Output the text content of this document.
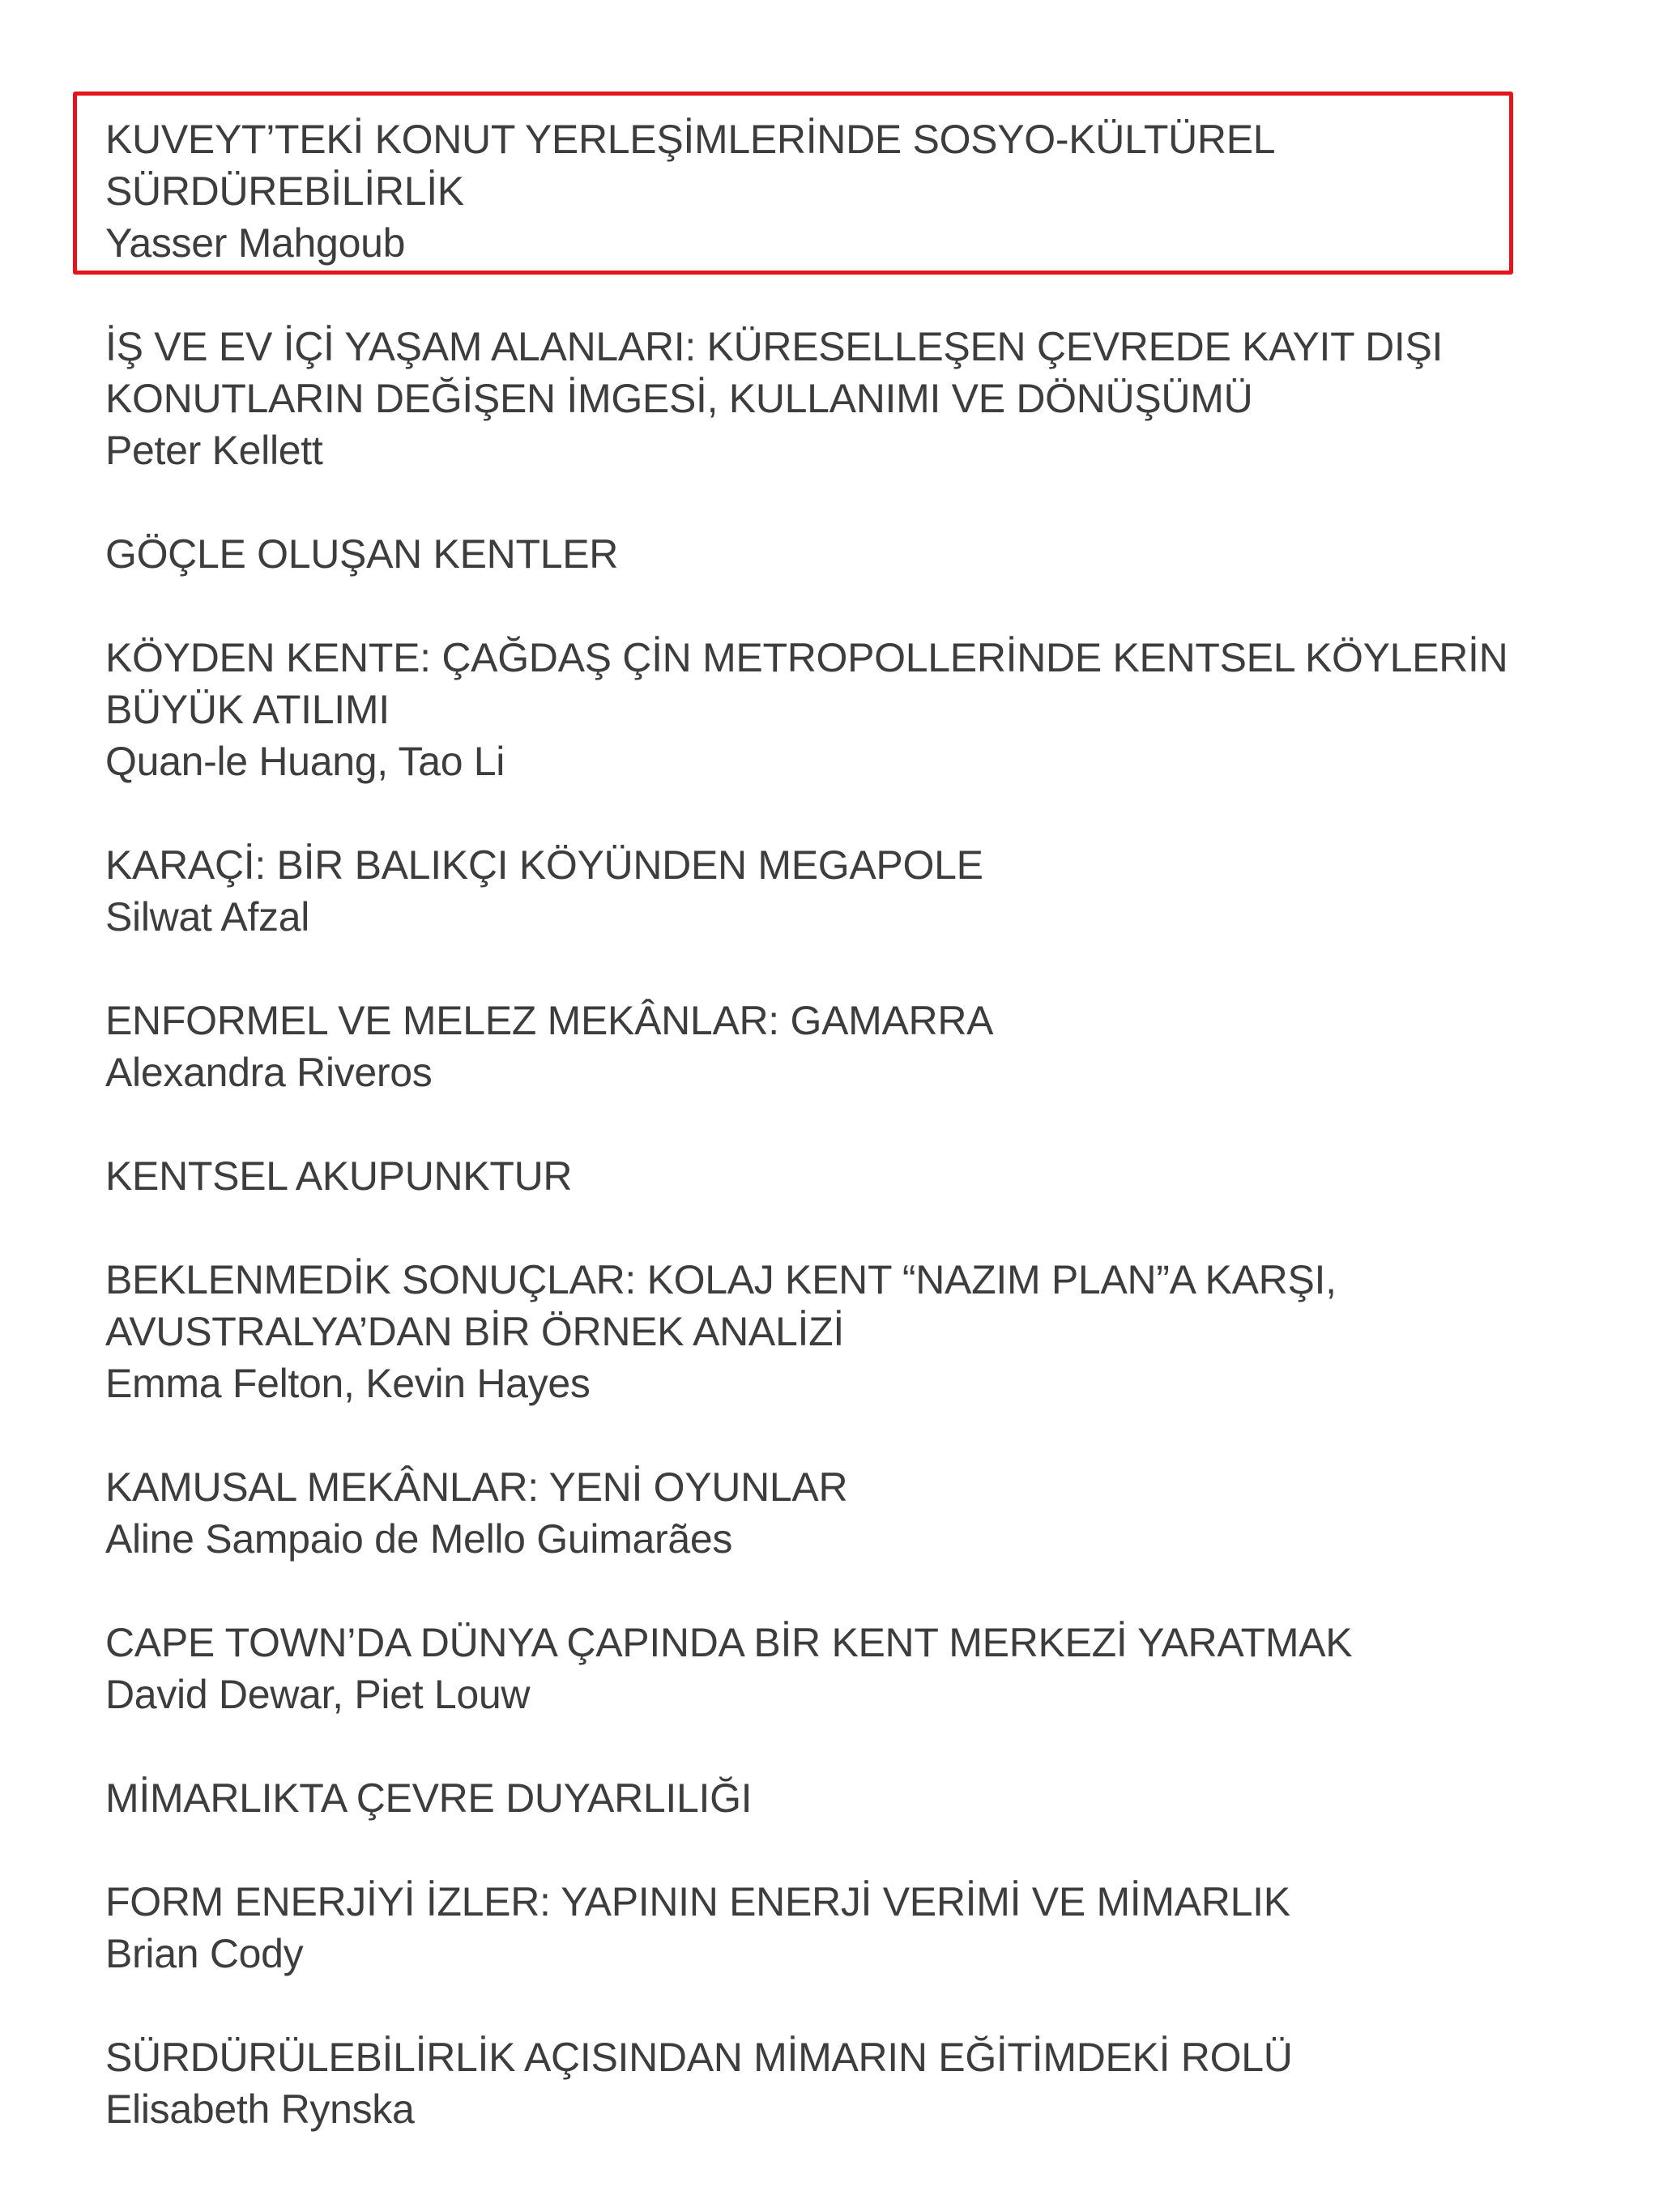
KUVEYT’TEKİ KONUT YERLEŞİMLERİNDE SOSYO-KÜLTÜREL
SÜRDÜREBİLİRLİK
Yasser Mahgoub
İŞ VE EV İÇİ YAŞAM ALANLARI: KÜRESELLEŞEN ÇEVREDE KAYIT DIŞI
KONUTLARIN DEĞİŞEN İMGESİ, KULLANIMI VE DÖNÜŞÜMÜ
Peter Kellett
GÖÇLE OLUŞAN KENTLER
KÖYDEN KENTE: ÇAĞDAŞ ÇİN METROPOLLERİNDE KENTSEL KÖYLERİN
BÜYÜK ATILIMI
Quan-le Huang, Tao Li
KARAÇİ: BİR BALIKÇI KÖYÜNDEN MEGAPOLE
Silwat Afzal
ENFORMEL VE MELEZ MEKÂNLAR: GAMARRA
Alexandra Riveros
KENTSEL AKUPUNKTUR
BEKLENMEDİK SONUÇLAR: KOLAJ KENT “NAZIM PLAN”A KARŞI,
AVUSTRALYA’DAN BİR ÖRNEK ANALİZİ
Emma Felton, Kevin Hayes
KAMUSAL MEKÂNLAR: YENİ OYUNLAR
Aline Sampaio de Mello Guimarães
CAPE TOWN’DA DÜNYA ÇAPINDA BİR KENT MERKEZİ YARATMAK
David Dewar, Piet Louw
MİMARLIKTA ÇEVRE DUYARLILIĞI
FORM ENERJİYİ İZLER: YAPININ ENERJİ VERİMİ VE MİMARLIK
Brian Cody
SÜRDÜRÜLEBİLİRLİK AÇISINDAN MİMARIN EĞİTİMDEKİ ROLÜ
Elisabeth Rynska
